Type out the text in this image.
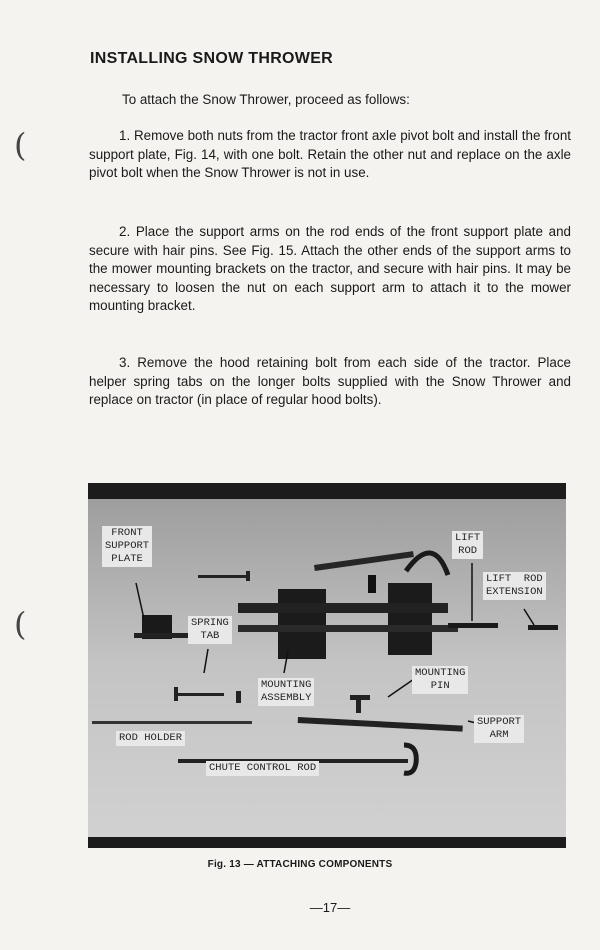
INSTALLING SNOW THROWER

To attach the Snow Thrower, proceed as follows:

1. Remove both nuts from the tractor front axle pivot bolt and install the front support plate, Fig. 14, with one bolt. Retain the other nut and replace on the axle pivot bolt when the Snow Thrower is not in use.

2. Place the support arms on the rod ends of the front support plate and secure with hair pins. See Fig. 15. Attach the other ends of the support arms to the mower mounting brackets on the tractor, and secure with hair pins. It may be necessary to loosen the nut on each support arm to attach it to the mower mounting bracket.

3. Remove the hood retaining bolt from each side of the tractor. Place helper spring tabs on the longer bolts supplied with the Snow Thrower and replace on tractor (in place of regular hood bolts).

(
(
FRONT
SUPPORT
PLATE
LIFT
ROD
LIFT  ROD
EXTENSION
SPRING
TAB
MOUNTING
ASSEMBLY
MOUNTING
PIN
SUPPORT
ARM
ROD HOLDER
CHUTE CONTROL ROD

Fig. 13 — ATTACHING COMPONENTS

—17—
